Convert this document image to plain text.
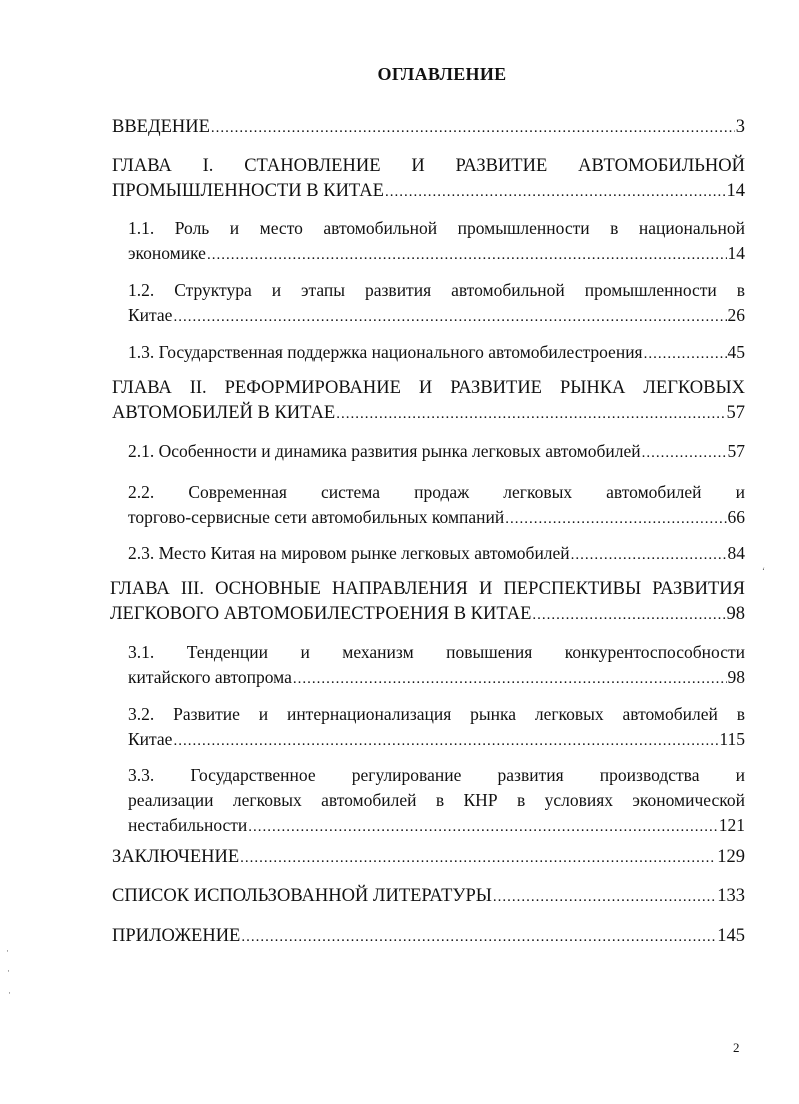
ОГЛАВЛЕНИЕ
ВВЕДЕНИЕ .....	3
ГЛАВА I. СТАНОВЛЕНИЕ И РАЗВИТИЕ АВТОМОБИЛЬНОЙ
ПРОМЫШЛЕННОСТИ В КИТАЕ .....	14
1.1. Роль и место автомобильной промышленности в национальной
экономике .....	14
1.2. Структура и этапы развития автомобильной промышленности в
Китае .....	26
1.3. Государственная поддержка национального автомобилестроения .....	45
ГЛАВА II. РЕФОРМИРОВАНИЕ И РАЗВИТИЕ РЫНКА ЛЕГКОВЫХ
АВТОМОБИЛЕЙ В КИТАЕ .....	57
2.1. Особенности и динамика развития рынка легковых автомобилей .....	57
2.2. Современная система продаж легковых автомобилей и
торгово-сервисные сети автомобильных компаний .....	66
2.3. Место Китая на мировом рынке легковых автомобилей .....	84
ГЛАВА III. ОСНОВНЫЕ НАПРАВЛЕНИЯ И ПЕРСПЕКТИВЫ РАЗВИТИЯ
ЛЕГКОВОГО АВТОМОБИЛЕСТРОЕНИЯ В КИТАЕ .....	98
3.1. Тенденции и механизм повышения конкурентоспособности
китайского автопрома .....	98
3.2. Развитие и интернационализация рынка легковых автомобилей в
Китае .....	115
3.3. Государственное регулирование развития производства и
реализации легковых автомобилей в КНР в условиях экономической
нестабильности .....	121
ЗАКЛЮЧЕНИЕ .....	129
СПИСОК ИСПОЛЬЗОВАННОЙ ЛИТЕРАТУРЫ .....	133
ПРИЛОЖЕНИЕ .....	145
2
‘
·
·
·
